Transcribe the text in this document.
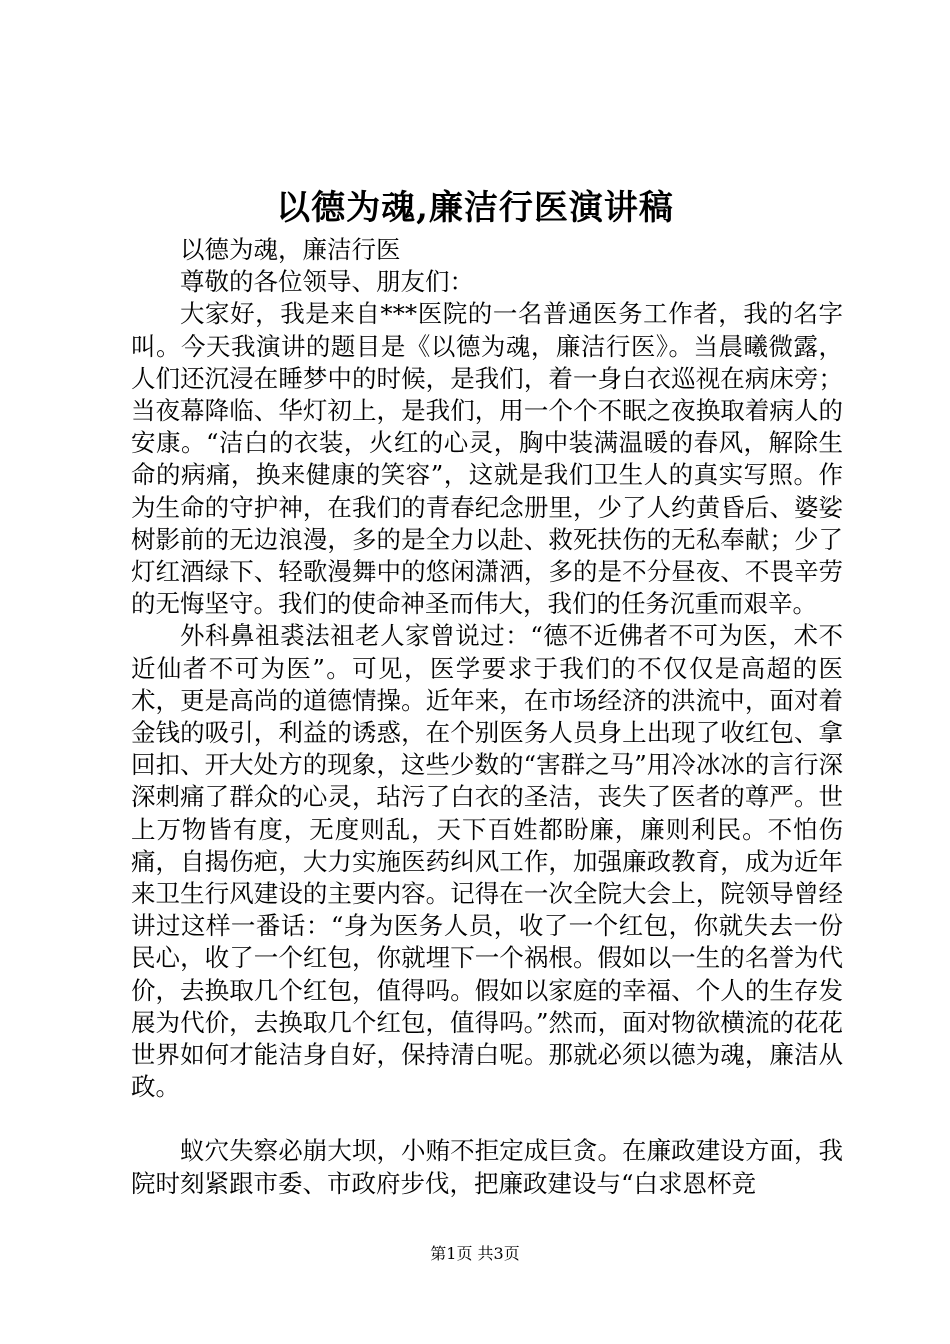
以德为魂,廉洁行医演讲稿

以德为魂，廉洁行医

尊敬的各位领导、朋友们：

大家好，我是来自***医院的一名普通医务工作者，我的名字叫。今天我演讲的题目是《以德为魂，廉洁行医》。当晨曦微露，人们还沉浸在睡梦中的时候，是我们，着一身白衣巡视在病床旁；当夜幕降临、华灯初上，是我们，用一个个不眠之夜换取着病人的安康。“洁白的衣装，火红的心灵，胸中装满温暖的春风，解除生命的病痛，换来健康的笑容”，这就是我们卫生人的真实写照。作为生命的守护神，在我们的青春纪念册里，少了人约黄昏后、婆娑树影前的无边浪漫，多的是全力以赴、救死扶伤的无私奉献；少了灯红酒绿下、轻歌漫舞中的悠闲潇洒，多的是不分昼夜、不畏辛劳的无悔坚守。我们的使命神圣而伟大，我们的任务沉重而艰辛。

外科鼻祖裘法祖老人家曾说过：“德不近佛者不可为医，术不近仙者不可为医”。可见，医学要求于我们的不仅仅是高超的医术，更是高尚的道德情操。近年来，在市场经济的洪流中，面对着金钱的吸引，利益的诱惑，在个别医务人员身上出现了收红包、拿回扣、开大处方的现象，这些少数的“害群之马”用冷冰冰的言行深深刺痛了群众的心灵，玷污了白衣的圣洁，丧失了医者的尊严。世上万物皆有度，无度则乱，天下百姓都盼廉，廉则利民。不怕伤痛，自揭伤疤，大力实施医药纠风工作，加强廉政教育，成为近年来卫生行风建设的主要内容。记得在一次全院大会上，院领导曾经讲过这样一番话：“身为医务人员，收了一个红包，你就失去一份民心，收了一个红包，你就埋下一个祸根。假如以一生的名誉为代价，去换取几个红包，值得吗。假如以家庭的幸福、个人的生存发展为代价，去换取几个红包，值得吗。”然而，面对物欲横流的花花世界如何才能洁身自好，保持清白呢。那就必须以德为魂，廉洁从政。

蚁穴失察必崩大坝，小贿不拒定成巨贪。在廉政建设方面，我院时刻紧跟市委、市政府步伐，把廉政建设与“白求恩杯竞

第1页 共3页
